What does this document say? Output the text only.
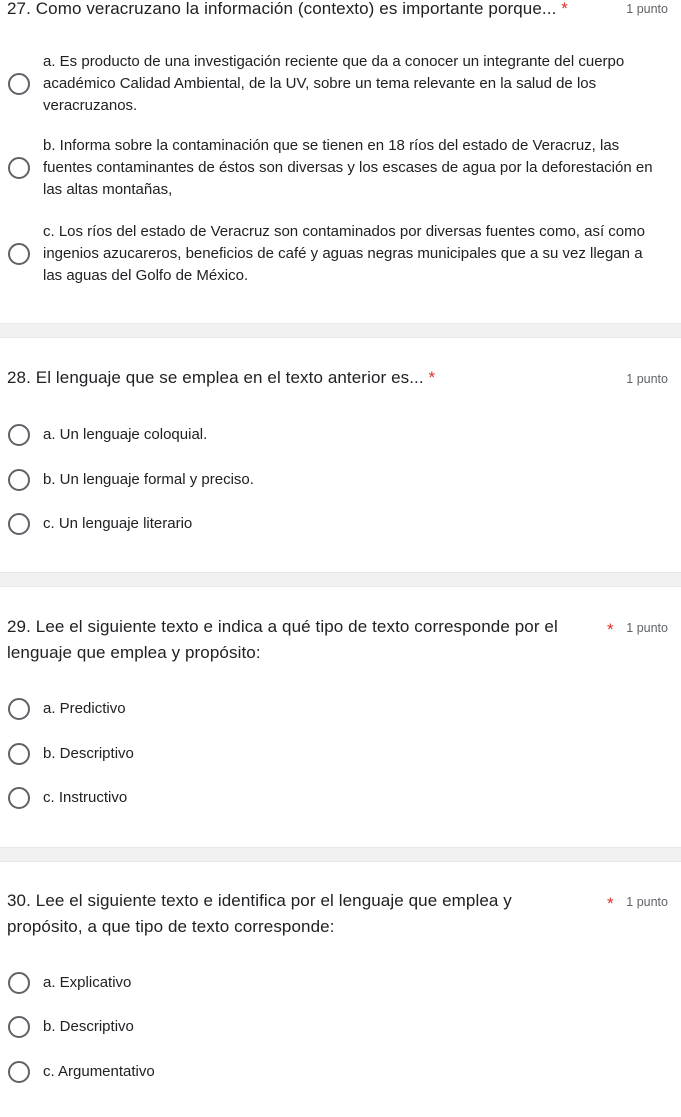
27. Como veracruzano la información (contexto) es importante porque... *	1 punto
a. Es producto de una investigación reciente que da a conocer un integrante del cuerpo académico Calidad Ambiental, de la UV, sobre un tema relevante en la salud de los veracruzanos.
b. Informa sobre la contaminación que se tienen en 18 ríos del estado de Veracruz, las fuentes contaminantes de éstos son diversas y los escases de agua por la deforestación en las altas montañas,
c. Los ríos del estado de Veracruz son contaminados por diversas fuentes como, así como ingenios azucareros, beneficios de café y aguas negras municipales que a su vez llegan a las aguas del Golfo de México.
28. El lenguaje que se emplea en el texto anterior es... *	1 punto
a. Un lenguaje coloquial.
b. Un lenguaje formal y preciso.
c. Un lenguaje literario
29. Lee el siguiente texto e indica a qué tipo de texto corresponde por el lenguaje que emplea y propósito:
* 1 punto
a. Predictivo
b. Descriptivo
c. Instructivo
30. Lee el siguiente texto e identifica por el lenguaje que emplea y propósito, a que tipo de texto corresponde:
* 1 punto
a. Explicativo
b. Descriptivo
c. Argumentativo
